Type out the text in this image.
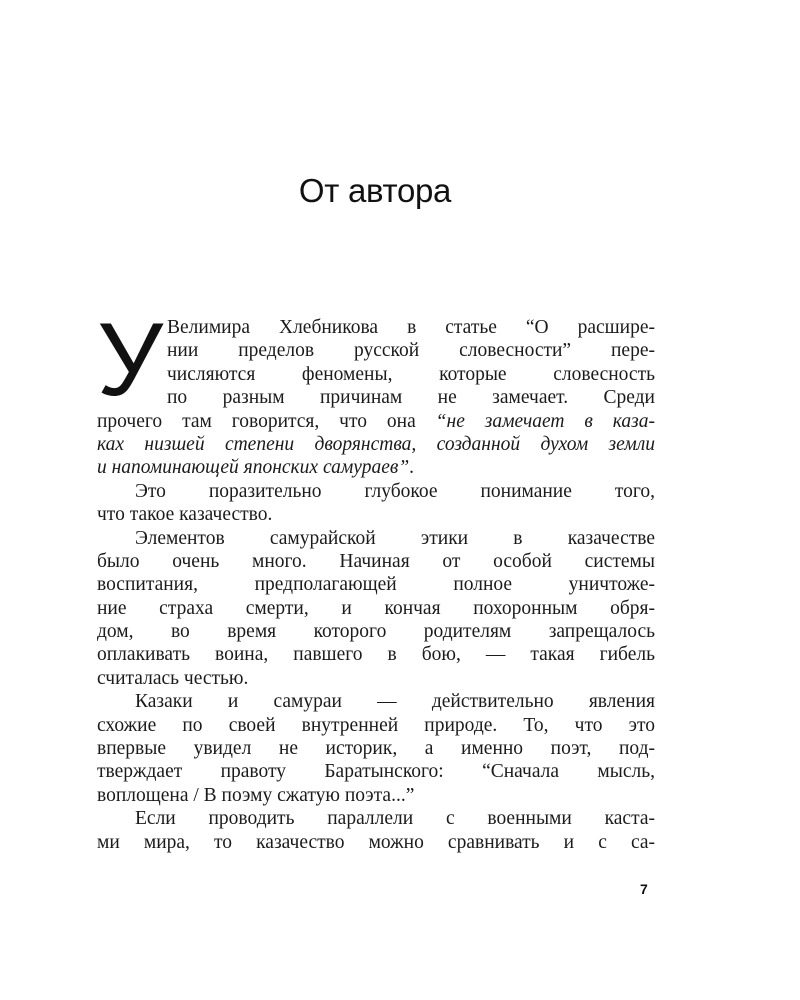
От автора
У Велимира Хлебникова в статье “О расшире-
нии пределов русской словесности” пере-
числяются феномены, которые словесность
по разным причинам не замечает. Среди
прочего там говорится, что она “не замечает в каза-
ках низшей степени дворянства, созданной духом земли
и напоминающей японских самураев”.
Это поразительно глубокое понимание того,
что такое казачество.
Элементов самурайской этики в казачестве
было очень много. Начиная от особой системы
воспитания, предполагающей полное уничтоже-
ние страха смерти, и кончая похоронным обря-
дом, во время которого родителям запрещалось
оплакивать воина, павшего в бою, — такая гибель
считалась честью.
Казаки и самураи — действительно явления
схожие по своей внутренней природе. То, что это
впервые увидел не историк, а именно поэт, под-
тверждает правоту Баратынского: “Сначала мысль,
воплощена / В поэму сжатую поэта...”
Если проводить параллели с военными каста-
ми мира, то казачество можно сравнивать и с са-
7
